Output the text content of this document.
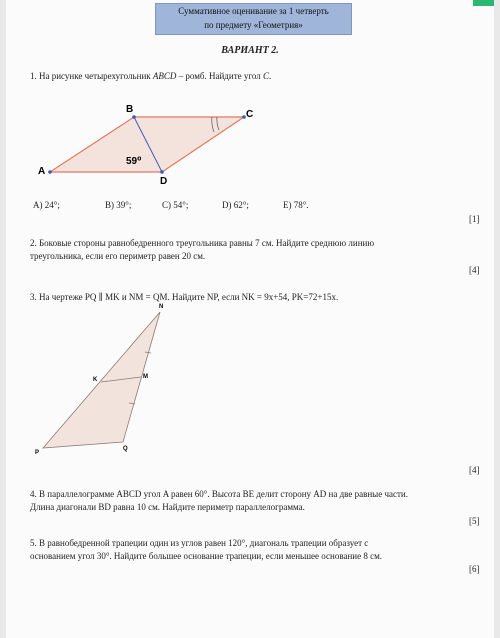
Суммативное оценивание за 1 четверть
по предмету «Геометрия»
ВАРИАНТ 2.
1. На рисунке четырехугольник ABCD – ромб. Найдите угол C.
A
B	C
D
59⁰
A) 24°;	B) 39°;	C) 54°;	D) 62°;	E) 78°.
[1]
2. Боковые стороны равнобедренного треугольника равны 7 см. Найдите среднюю линию
треугольника, если его периметр равен 20 см.
[4]
3. На чертеже PQ ∥ MK и NM = QM. Найдите NP, если NK = 9x+54, PK=72+15x.
N
K	M
P
Q
[4]
4. В параллелограмме ABCD угол A равен 60°. Высота BE делит сторону AD на две равные части.
Длина диагонали BD равна 10 см. Найдите периметр параллелограмма.
[5]
5. В равнобедренной трапеции один из углов равен 120°, диагональ трапеции образует с
основанием угол 30°. Найдите большее основание трапеции, если меньшее основание 8 см.
[6]
